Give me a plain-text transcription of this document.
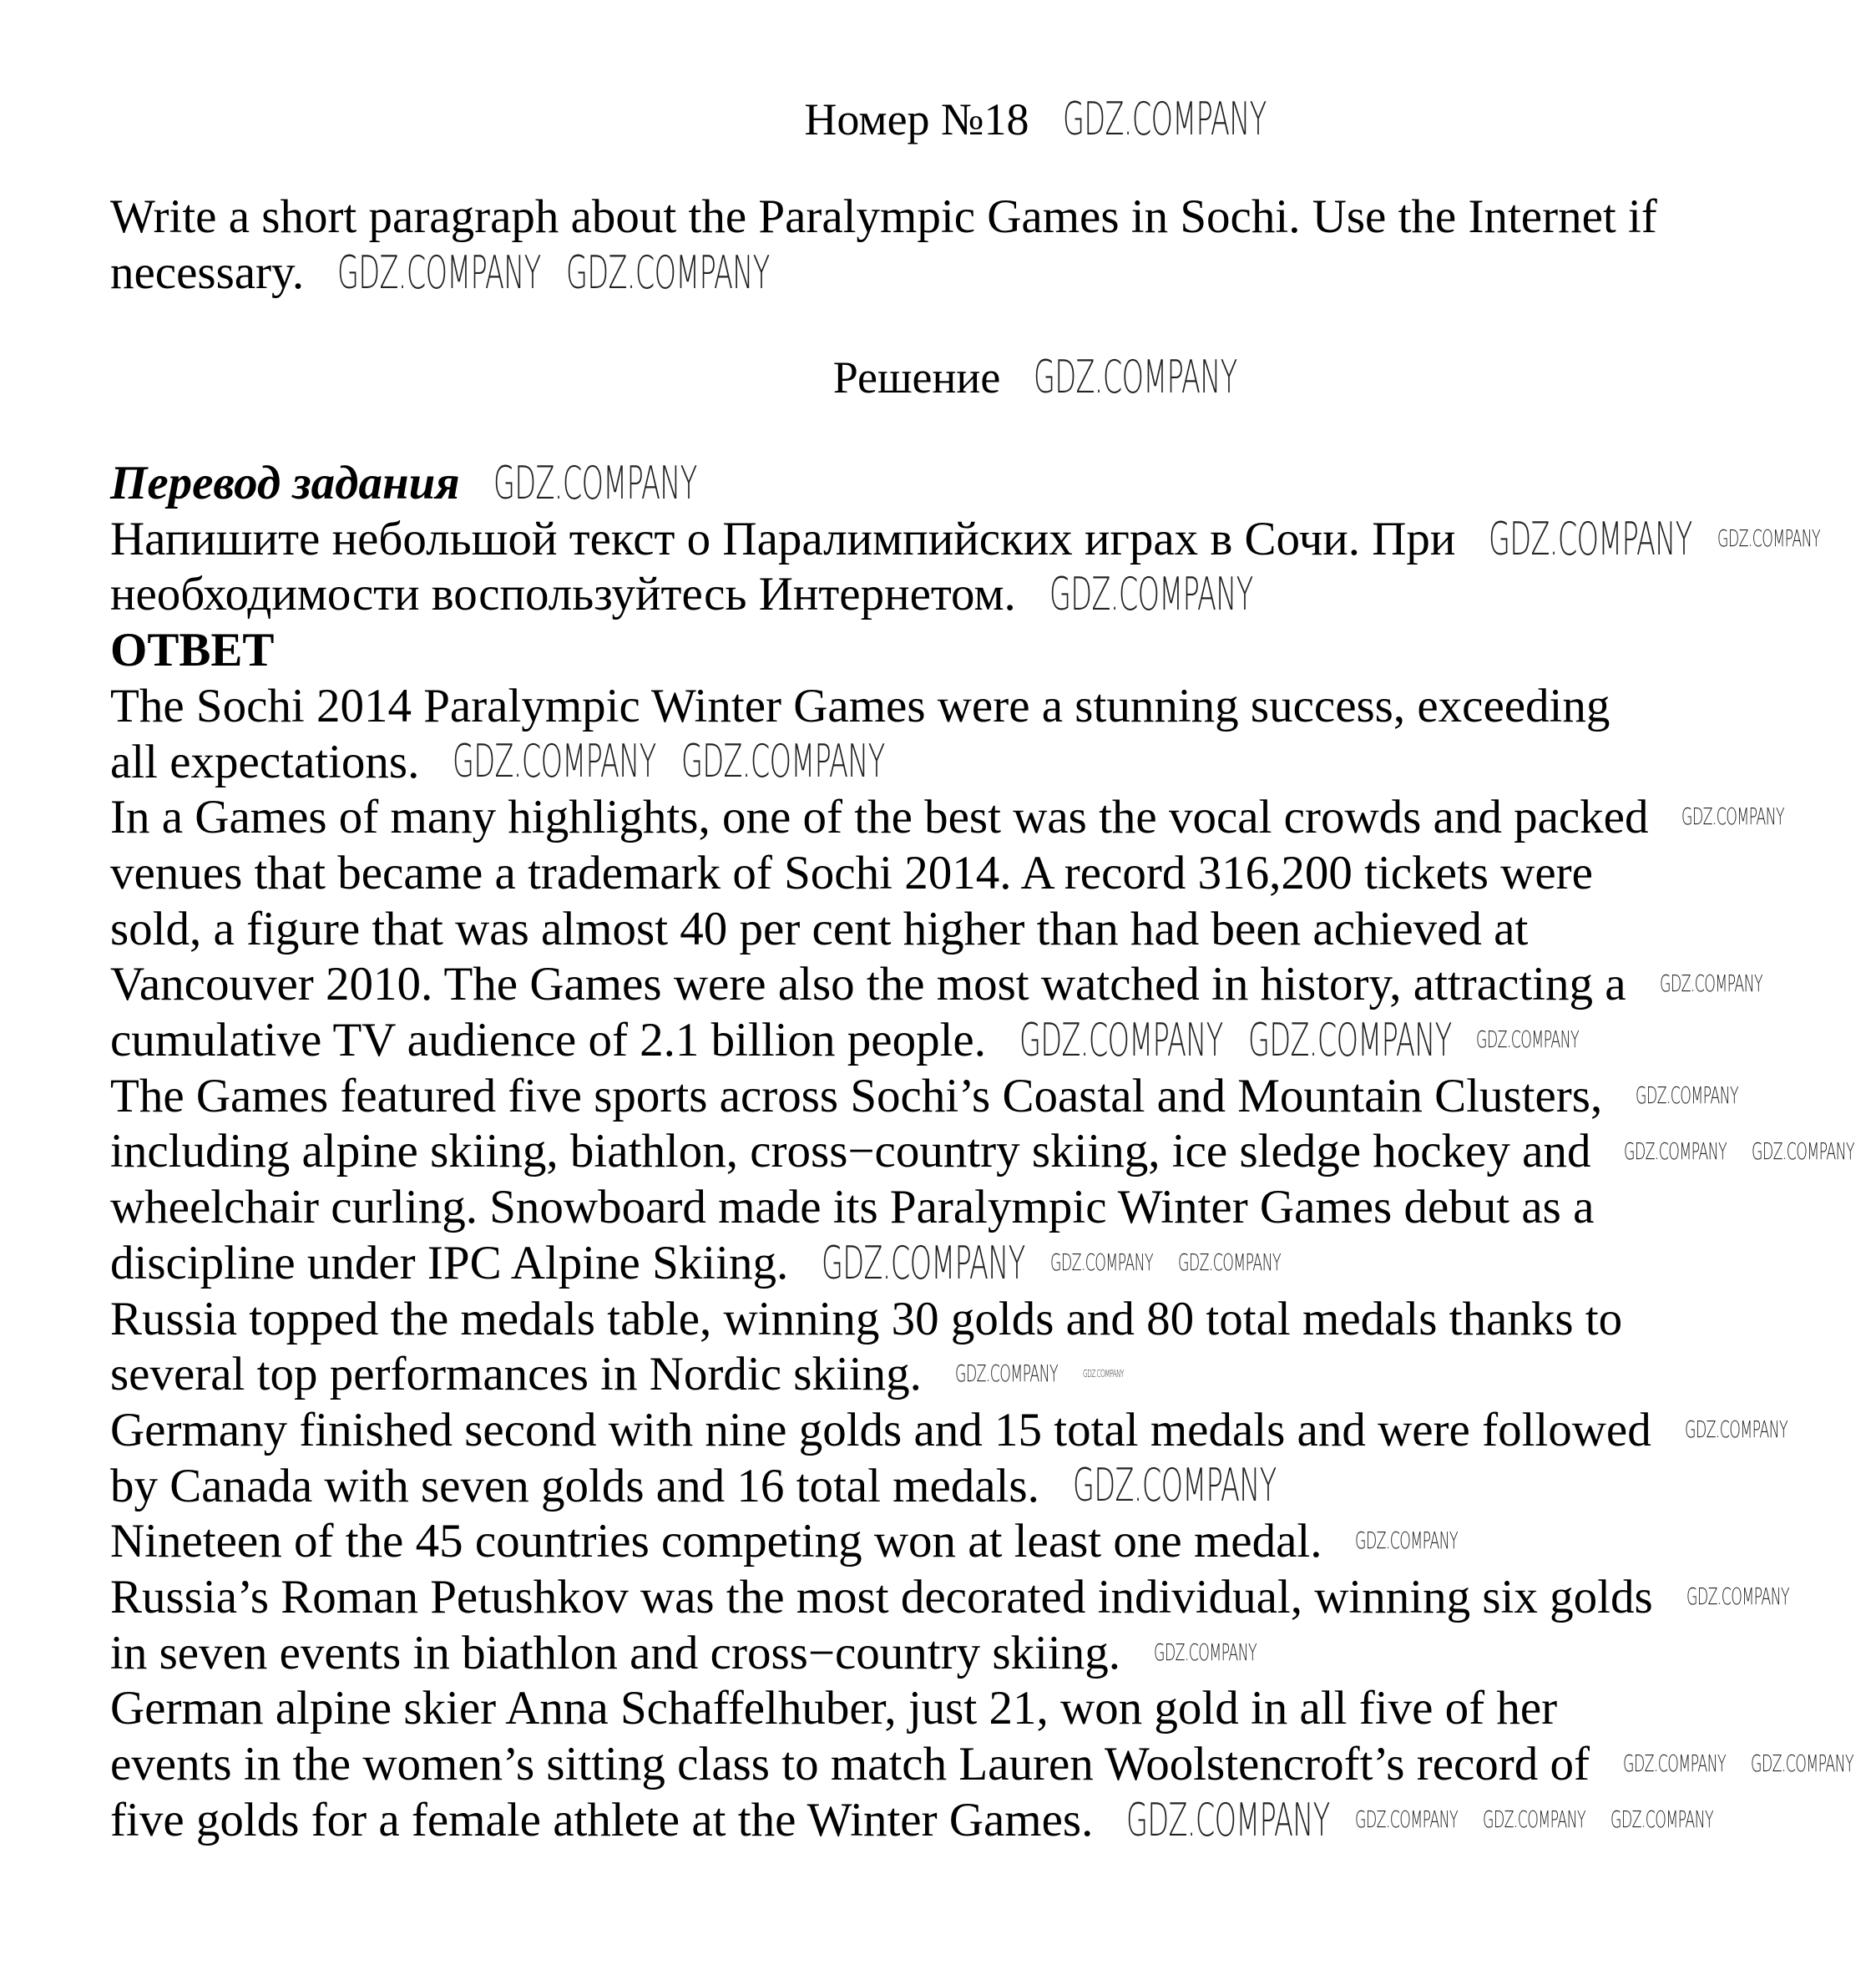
Номер №18
Write a short paragraph about the Paralympic Games in Sochi. Use the Internet if
necessary.
Решение
Перевод задания
Напишите небольшой текст о Паралимпийских играх в Сочи. При
необходимости воспользуйтесь Интернетом.
ОТВЕТ
The Sochi 2014 Paralympic Winter Games were a stunning success, exceeding
all expectations.
In a Games of many highlights, one of the best was the vocal crowds and packed
venues that became a trademark of Sochi 2014. A record 316,200 tickets were
sold, a figure that was almost 40 per cent higher than had been achieved at
Vancouver 2010. The Games were also the most watched in history, attracting a
cumulative TV audience of 2.1 billion people.
The Games featured five sports across Sochi’s Coastal and Mountain Clusters,
including alpine skiing, biathlon, cross−country skiing, ice sledge hockey and
wheelchair curling. Snowboard made its Paralympic Winter Games debut as a
discipline under IPC Alpine Skiing.
Russia topped the medals table, winning 30 golds and 80 total medals thanks to
several top performances in Nordic skiing.
Germany finished second with nine golds and 15 total medals and were followed
by Canada with seven golds and 16 total medals.
Nineteen of the 45 countries competing won at least one medal.
Russia’s Roman Petushkov was the most decorated individual, winning six golds
in seven events in biathlon and cross−country skiing.
German alpine skier Anna Schaffelhuber, just 21, won gold in all five of her
events in the women’s sitting class to match Lauren Woolstencroft’s record of
five golds for a female athlete at the Winter Games.
GDZ.COMPANY
GDZ.COMPANY GDZ.COMPANY
GDZ.COMPANY
GDZ.COMPANY
GDZ.COMPANY
GDZ.COMPANY
GDZ.COMPANY GDZ.COMPANY
GDZ.COMPANY GDZ.COMPANY
GDZ.COMPANY
GDZ.COMPANY
GDZ.COMPANY
GDZ.COMPANY
GDZ.COMPANY
GDZ.COMPANY
GDZ.COMPANY
GDZ.COMPANY
GDZ.COMPANY GDZ.COMPANY
GDZ.COMPANY GDZ.COMPANY
GDZ.COMPANY
GDZ.COMPANY
GDZ.COMPANY
GDZ.COMPANY
GDZ.COMPANY
GDZ.COMPANY GDZ.COMPANY
GDZ.COMPANY GDZ.COMPANY GDZ.COMPANY
GDZ.COMPANY
